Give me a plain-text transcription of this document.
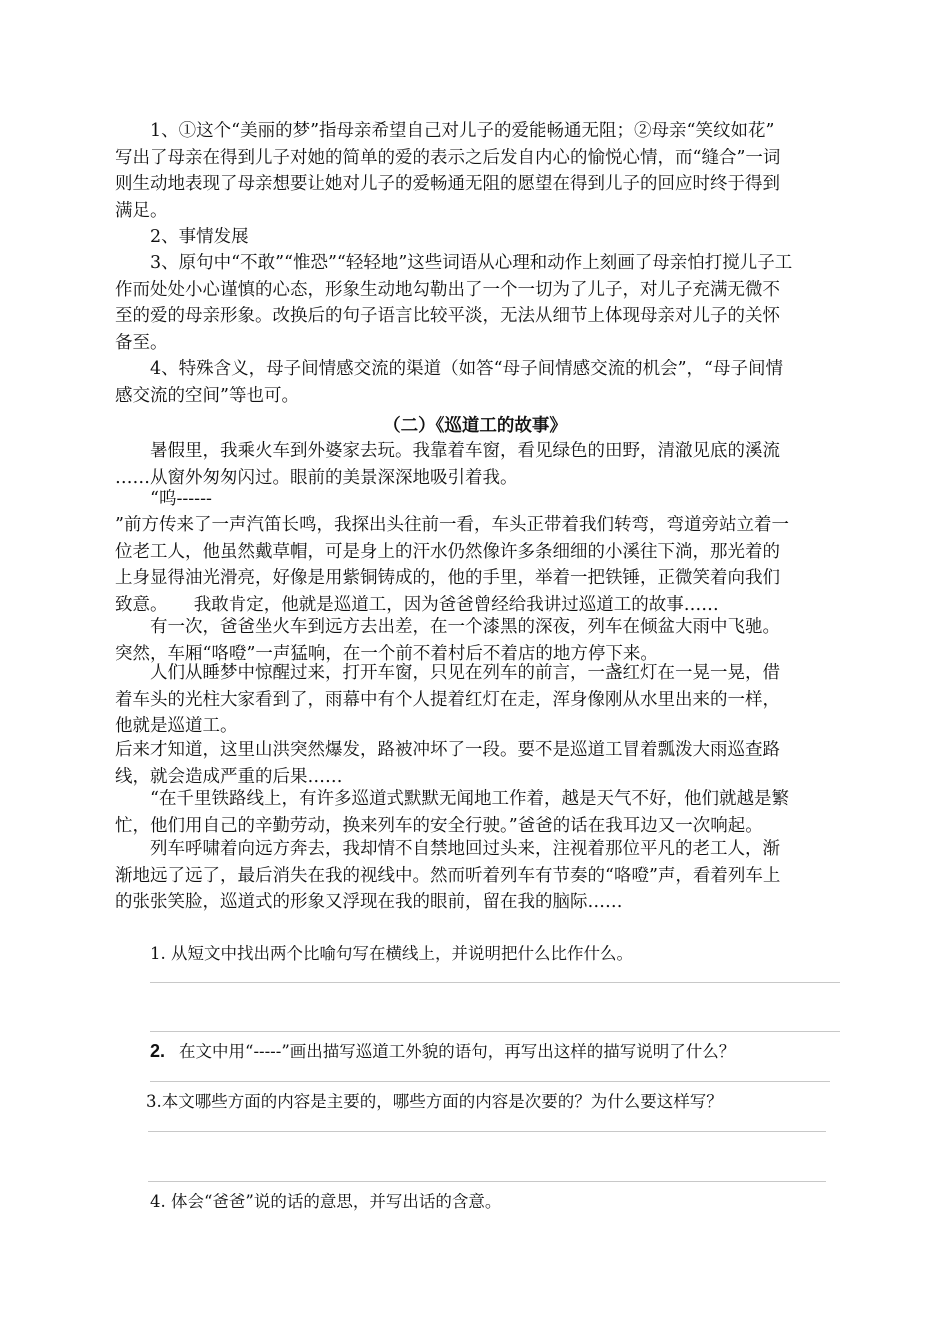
　　1、①这个“美丽的梦”指母亲希望自己对儿子的爱能畅通无阻；②母亲“笑纹如花”
写出了母亲在得到儿子对她的简单的爱的表示之后发自内心的愉悦心情，而“缝合”一词
则生动地表现了母亲想要让她对儿子的爱畅通无阻的愿望在得到儿子的回应时终于得到
满足。
　　2、事情发展
　　3、原句中“不敢”“惟恐”“轻轻地”这些词语从心理和动作上刻画了母亲怕打搅儿子工
作而处处小心谨慎的心态，形象生动地勾勒出了一个一切为了儿子，对儿子充满无微不
至的爱的母亲形象。改换后的句子语言比较平淡，无法从细节上体现母亲对儿子的关怀
备至。
　　4、特殊含义，母子间情感交流的渠道（如答“母子间情感交流的机会”，“母子间情
感交流的空间”等也可。
（二）《巡道工的故事》
　　暑假里，我乘火车到外婆家去玩。我靠着车窗，看见绿色的田野，清澈见底的溪流
……从窗外匆匆闪过。眼前的美景深深地吸引着我。
　　“呜------
”前方传来了一声汽笛长鸣，我探出头往前一看，车头正带着我们转弯，弯道旁站立着一
位老工人，他虽然戴草帽，可是身上的汗水仍然像许多条细细的小溪往下淌，那光着的
上身显得油光滑亮，好像是用紫铜铸成的，他的手里，举着一把铁锤，正微笑着向我们
致意。　　我敢肯定，他就是巡道工，因为爸爸曾经给我讲过巡道工的故事……
　　有一次，爸爸坐火车到远方去出差，在一个漆黑的深夜，列车在倾盆大雨中飞驰。
突然，车厢“咯噔”一声猛响，在一个前不着村后不着店的地方停下来。
　　人们从睡梦中惊醒过来，打开车窗，只见在列车的前言，一盏红灯在一晃一晃，借
着车头的光柱大家看到了，雨幕中有个人提着红灯在走，浑身像刚从水里出来的一样，
他就是巡道工。
后来才知道，这里山洪突然爆发，路被冲坏了一段。要不是巡道工冒着瓢泼大雨巡查路
线，就会造成严重的后果……
　　“在千里铁路线上，有许多巡道式默默无闻地工作着，越是天气不好，他们就越是繁
忙，他们用自己的辛勤劳动，换来列车的安全行驶。”爸爸的话在我耳边又一次响起。
　　列车呼啸着向远方奔去，我却情不自禁地回过头来，注视着那位平凡的老工人，渐
渐地远了远了，最后消失在我的视线中。然而听着列车有节奏的“咯噔”声，看着列车上
的张张笑脸，巡道式的形象又浮现在我的眼前，留在我的脑际……
1. 从短文中找出两个比喻句写在横线上，并说明把什么比作什么。
2. 在文中用“-----”画出描写巡道工外貌的语句，再写出这样的描写说明了什么？
3.本文哪些方面的内容是主要的，哪些方面的内容是次要的？为什么要这样写？
4. 体会“爸爸”说的话的意思，并写出话的含意。
